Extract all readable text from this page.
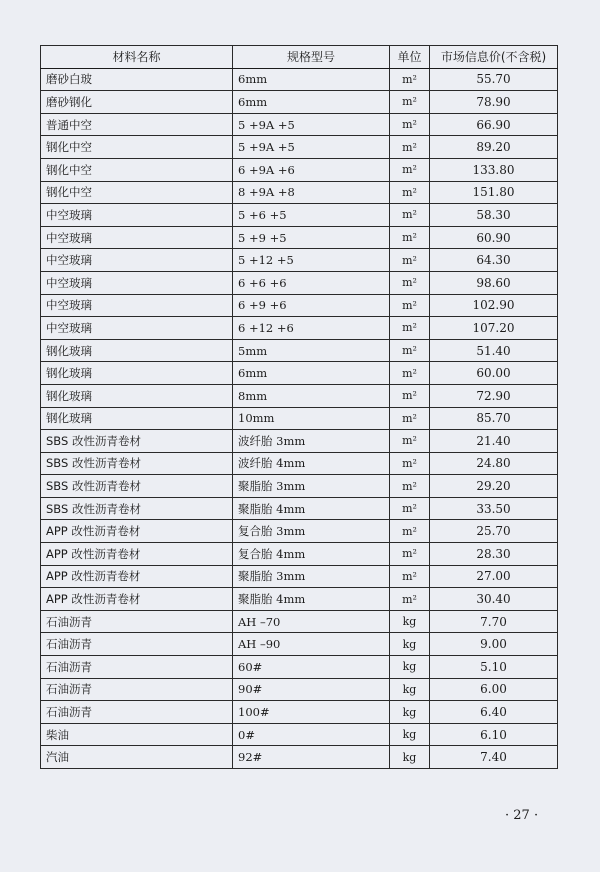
材料名称	规格型号	单位	市场信息价(不含税)
磨砂白玻	6mm	m²	55.70
磨砂钢化	6mm	m²	78.90
普通中空	5 +9A +5	m²	66.90
钢化中空	5 +9A +5	m²	89.20
钢化中空	6 +9A +6	m²	133.80
钢化中空	8 +9A +8	m²	151.80
中空玻璃	5 +6 +5	m²	58.30
中空玻璃	5 +9 +5	m²	60.90
中空玻璃	5 +12 +5	m²	64.30
中空玻璃	6 +6 +6	m²	98.60
中空玻璃	6 +9 +6	m²	102.90
中空玻璃	6 +12 +6	m²	107.20
钢化玻璃	5mm	m²	51.40
钢化玻璃	6mm	m²	60.00
钢化玻璃	8mm	m²	72.90
钢化玻璃	10mm	m²	85.70
SBS 改性沥青卷材	波纤胎 3mm	m²	21.40
SBS 改性沥青卷材	波纤胎 4mm	m²	24.80
SBS 改性沥青卷材	聚脂胎 3mm	m²	29.20
SBS 改性沥青卷材	聚脂胎 4mm	m²	33.50
APP 改性沥青卷材	复合胎 3mm	m²	25.70
APP 改性沥青卷材	复合胎 4mm	m²	28.30
APP 改性沥青卷材	聚脂胎 3mm	m²	27.00
APP 改性沥青卷材	聚脂胎 4mm	m²	30.40
石油沥青	AH –70	kg	7.70
石油沥青	AH –90	kg	9.00
石油沥青	60#	kg	5.10
石油沥青	90#	kg	6.00
石油沥青	100#	kg	6.40
柴油	0#	kg	6.10
汽油	92#	kg	7.40
· 27 ·
